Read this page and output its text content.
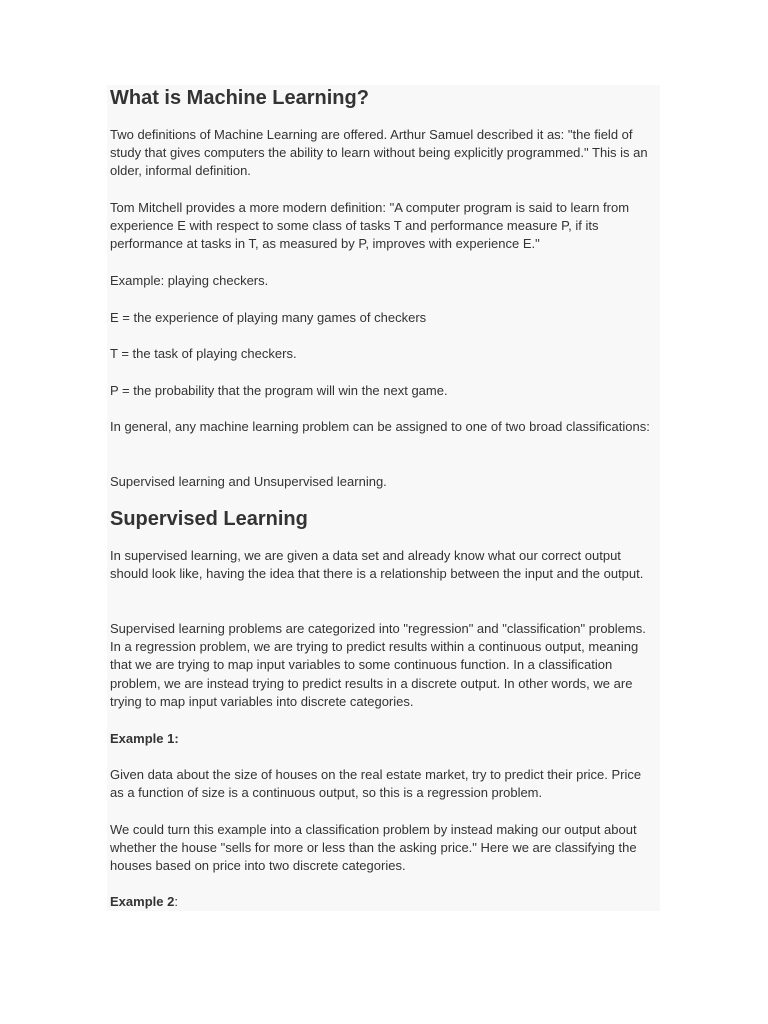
What is Machine Learning?

Two definitions of Machine Learning are offered. Arthur Samuel described it as: "the field of study that gives computers the ability to learn without being explicitly programmed." This is an older, informal definition.

Tom Mitchell provides a more modern definition: "A computer program is said to learn from experience E with respect to some class of tasks T and performance measure P, if its performance at tasks in T, as measured by P, improves with experience E."

Example: playing checkers.

E = the experience of playing many games of checkers

T = the task of playing checkers.

P = the probability that the program will win the next game.

In general, any machine learning problem can be assigned to one of two broad classifications:

Supervised learning and Unsupervised learning.

Supervised Learning

In supervised learning, we are given a data set and already know what our correct output should look like, having the idea that there is a relationship between the input and the output.

Supervised learning problems are categorized into "regression" and "classification" problems. In a regression problem, we are trying to predict results within a continuous output, meaning that we are trying to map input variables to some continuous function. In a classification problem, we are instead trying to predict results in a discrete output. In other words, we are trying to map input variables into discrete categories.

Example 1:

Given data about the size of houses on the real estate market, try to predict their price. Price as a function of size is a continuous output, so this is a regression problem.

We could turn this example into a classification problem by instead making our output about whether the house "sells for more or less than the asking price." Here we are classifying the houses based on price into two discrete categories.

Example 2:
